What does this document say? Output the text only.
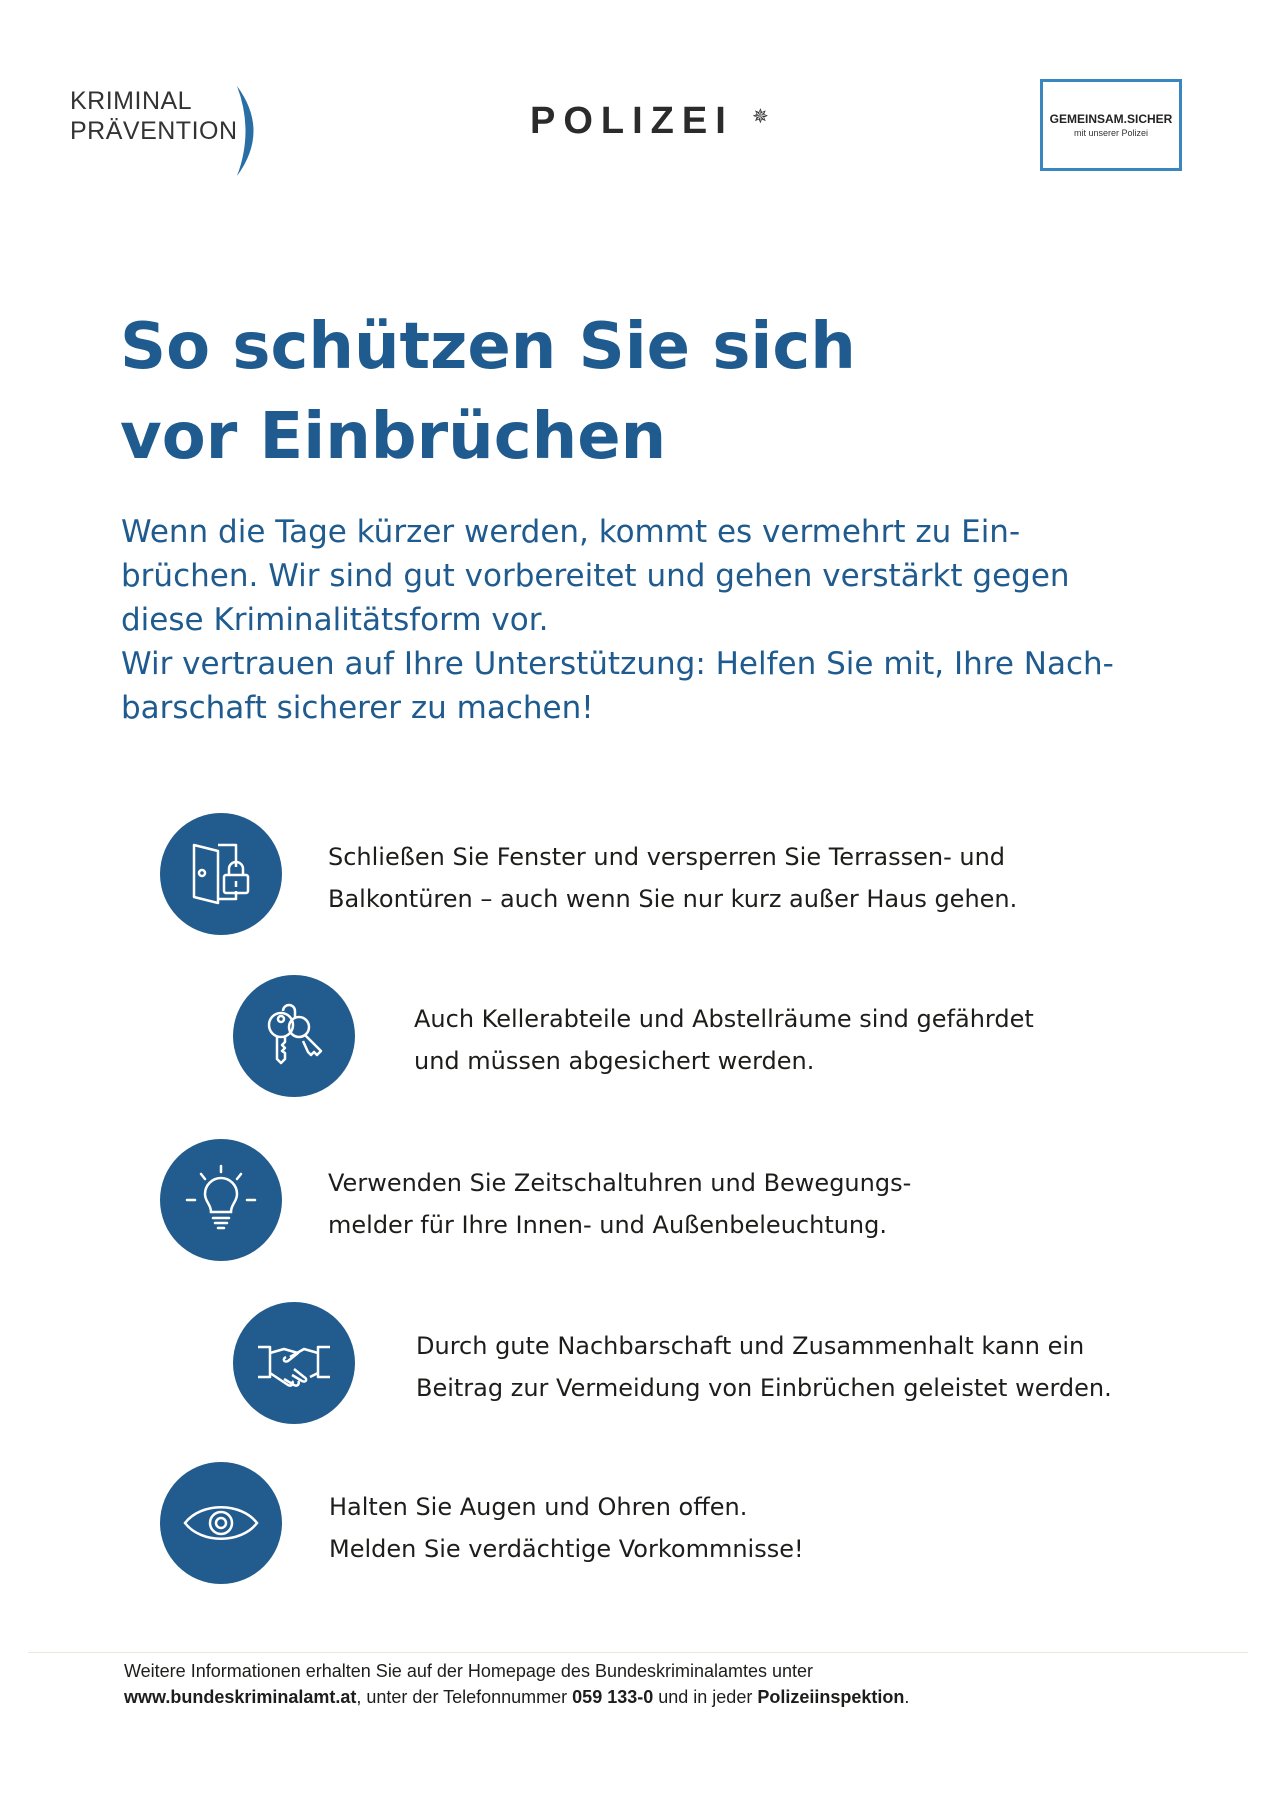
KRIMINAL
PRÄVENTION	POLIZEI ✵	GEMEINSAM.SICHER
mit unserer Polizei
So schützen Sie sich
vor Einbrüchen
Wenn die Tage kürzer werden, kommt es vermehrt zu Ein-
brüchen. Wir sind gut vorbereitet und gehen verstärkt gegen
diese Kriminalitätsform vor.
Wir vertrauen auf Ihre Unterstützung: Helfen Sie mit, Ihre Nach-
barschaft sicherer zu machen!
Schließen Sie Fenster und versperren Sie Terrassen- und
Balkontüren – auch wenn Sie nur kurz außer Haus gehen.
Auch Kellerabteile und Abstellräume sind gefährdet
und müssen abgesichert werden.
Verwenden Sie Zeitschaltuhren und Bewegungs-
melder für Ihre Innen- und Außenbeleuchtung.
Durch gute Nachbarschaft und Zusammenhalt kann ein
Beitrag zur Vermeidung von Einbrüchen geleistet werden.
Halten Sie Augen und Ohren offen.
Melden Sie verdächtige Vorkommnisse!
Weitere Informationen erhalten Sie auf der Homepage des Bundeskriminalamtes unter
www.bundeskriminalamt.at, unter der Telefonnummer 059 133-0 und in jeder Polizeiinspektion.
